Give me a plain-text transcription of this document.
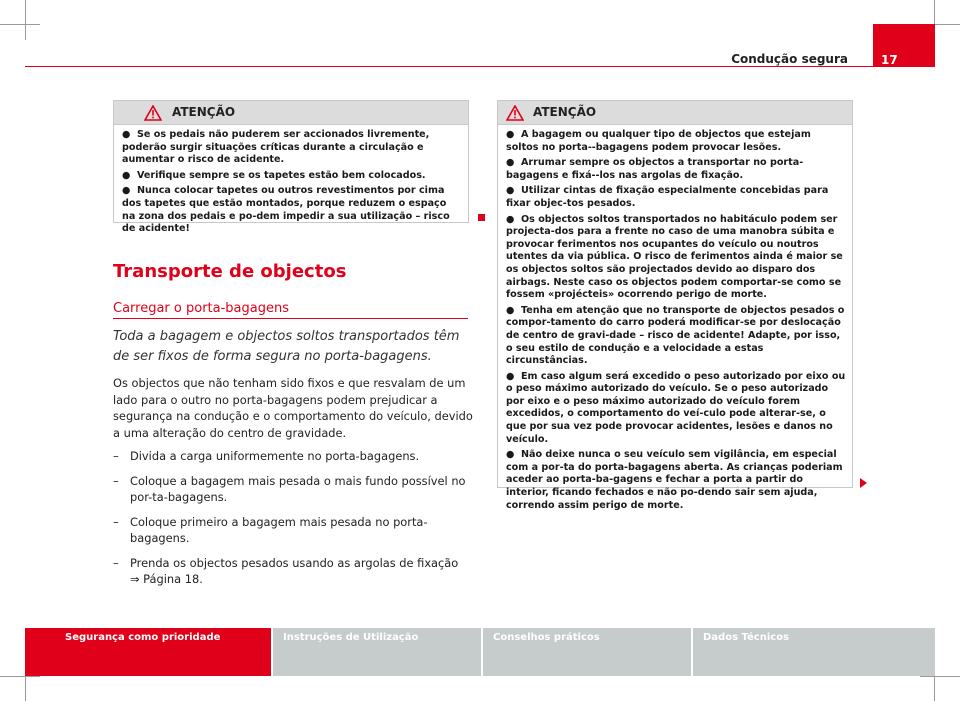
Condução segura	17
ATENÇÃO
● Se os pedais não puderem ser accionados livremente, poderão surgir situações críticas durante a circulação e aumentar o risco de acidente.
● Verifique sempre se os tapetes estão bem colocados.
● Nunca colocar tapetes ou outros revestimentos por cima dos tapetes que estão montados, porque reduzem o espaço na zona dos pedais e po-dem impedir a sua utilização – risco de acidente!
Transporte de objectos
Carregar o porta-bagagens
Toda a bagagem e objectos soltos transportados têm de ser fixos de forma segura no porta-bagagens.

Os objectos que não tenham sido fixos e que resvalam de um lado para o outro no porta-bagagens podem prejudicar a segurança na condução e o comportamento do veículo, devido a uma alteração do centro de gravidade.

– Divida a carga uniformemente no porta-bagagens.
– Coloque a bagagem mais pesada o mais fundo possível no por-ta-bagagens.
– Coloque primeiro a bagagem mais pesada no porta-bagagens.
– Prenda os objectos pesados usando as argolas de fixação
⇒ Página 18.
ATENÇÃO
● A bagagem ou qualquer tipo de objectos que estejam soltos no porta--bagagens podem provocar lesões.
● Arrumar sempre os objectos a transportar no porta-bagagens e fixá--los nas argolas de fixação.
● Utilizar cintas de fixação especialmente concebidas para fixar objec-tos pesados.
● Os objectos soltos transportados no habitáculo podem ser projecta-dos para a frente no caso de uma manobra súbita e provocar ferimentos nos ocupantes do veículo ou noutros utentes da via pública. O risco de ferimentos ainda é maior se os objectos soltos são projectados devido ao disparo dos airbags. Neste caso os objectos podem comportar-se como se fossem «projécteis» ocorrendo perigo de morte.
● Tenha em atenção que no transporte de objectos pesados o compor-tamento do carro poderá modificar-se por deslocação de centro de gravi-dade – risco de acidente! Adapte, por isso, o seu estilo de condução e a velocidade a estas circunstâncias.
● Em caso algum será excedido o peso autorizado por eixo ou o peso máximo autorizado do veículo. Se o peso autorizado por eixo e o peso máximo autorizado do veículo forem excedidos, o comportamento do veí-culo pode alterar-se, o que por sua vez pode provocar acidentes, lesões e danos no veículo.
● Não deixe nunca o seu veículo sem vigilância, em especial com a por-ta do porta-bagagens aberta. As crianças poderiam aceder ao porta-ba-gagens e fechar a porta a partir do interior, ficando fechados e não po-dendo sair sem ajuda, correndo assim perigo de morte.
Segurança como prioridade	Instruções de Utilização	Conselhos práticos	Dados Técnicos
